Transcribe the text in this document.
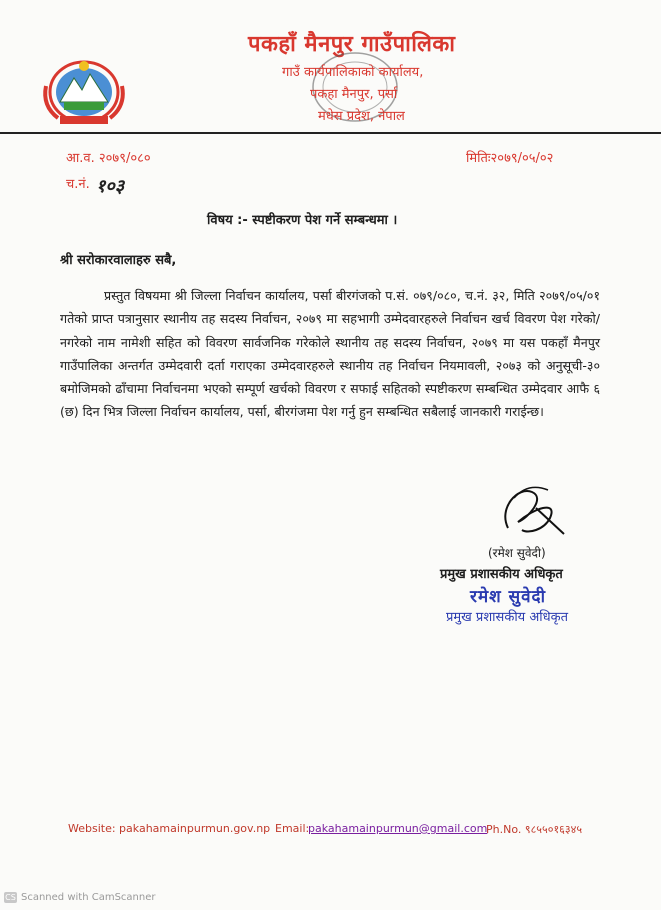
पकहाँ मैनपुर गाउँपालिका
गाउँ कार्यपालिकाको कार्यालय,
पकहा मैनपुर, पर्सा
मधेस प्रदेश, नेपाल
आ.व. २०७९/०८०	मितिः२०७९/०५/०२
च.नं. १०३
विषय :- स्पष्टीकरण पेश गर्ने सम्बन्धमा ।
श्री सरोकारवालाहरु सबै,
प्रस्तुत विषयमा श्री जिल्ला निर्वाचन कार्यालय, पर्सा बीरगंजको प.सं. ०७९/०८०, च.नं. ३२, मिति २०७९/०५/०१ गतेको प्राप्त पत्रानुसार स्थानीय तह सदस्य निर्वाचन, २०७९ मा सहभागी उम्मेदवारहरुले निर्वाचन खर्च विवरण पेश गरेको/नगरेको नाम नामेशी सहित को विवरण सार्वजनिक गरेकोले स्थानीय तह सदस्य निर्वाचन, २०७९ मा यस पकहाँ मैनपुर गाउँपालिका अन्तर्गत उम्मेदवारी दर्ता गराएका उम्मेदवारहरुले स्थानीय तह निर्वाचन नियमावली, २०७३ को अनुसूची-३० बमोजिमको ढाँचामा निर्वाचनमा भएको सम्पूर्ण खर्चको विवरण र सफाई सहितको स्पष्टीकरण सम्बन्धित उम्मेदवार आफै ६ (छ) दिन भित्र जिल्ला निर्वाचन कार्यालय, पर्सा, बीरगंजमा पेश गर्नु हुन सम्बन्धित सबैलाई जानकारी गराईन्छ।
(रमेश सुवेदी)
प्रमुख प्रशासकीय अधिकृत
रमेश सुवेदी
प्रमुख प्रशासकीय अधिकृत
Website: pakahamainpurmun.gov.np Email:
pakahamainpurmun@gmail.com
Ph.No. ९८५५०१६३४५
CS Scanned with CamScanner
